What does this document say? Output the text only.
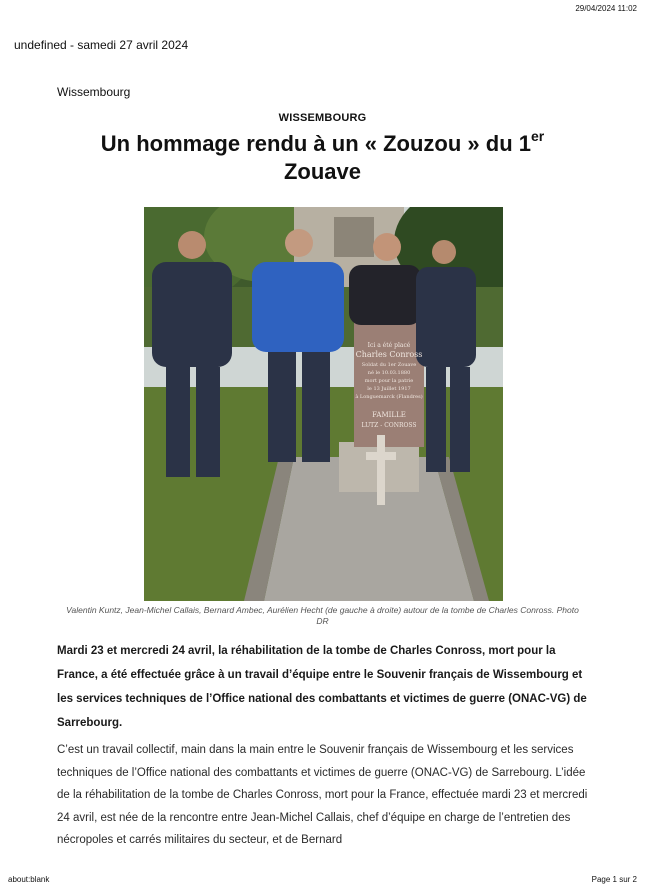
29/04/2024 11:02
undefined - samedi 27 avril 2024
Wissembourg
WISSEMBOURG
Un hommage rendu à un « Zouzou » du 1er
Zouave
Ici a été placé
Charles Conross
Soldat du 1er Zouave
né le 10.03.1880
mort pour la patrie
le 13 Juillet 1917
à Longuemarck (Flandres)
FAMILLE
LUTZ - CONROSS
Valentin Kuntz, Jean-Michel Callais, Bernard Ambec, Aurélien Hecht (de gauche à droite) autour de la tombe de Charles Conross. Photo DR

Mardi 23 et mercredi 24 avril, la réhabilitation de la tombe de Charles Conross, mort pour la France, a été effectuée grâce à un travail d’équipe entre le Souvenir français de Wissembourg et les services techniques de l’Office national des combattants et victimes de guerre (ONAC-VG) de Sarrebourg.

C’est un travail collectif, main dans la main entre le Souvenir français de Wissembourg et les services techniques de l’Office national des combattants et victimes de guerre (ONAC-VG) de Sarrebourg. L’idée de la réhabilitation de la tombe de Charles Conross, mort pour la France, effectuée mardi 23 et mercredi 24 avril, est née de la rencontre entre Jean-Michel Callais, chef d’équipe en charge de l’entretien des nécropoles et carrés militaires du secteur, et de Bernard

about:blank	Page 1 sur 2
